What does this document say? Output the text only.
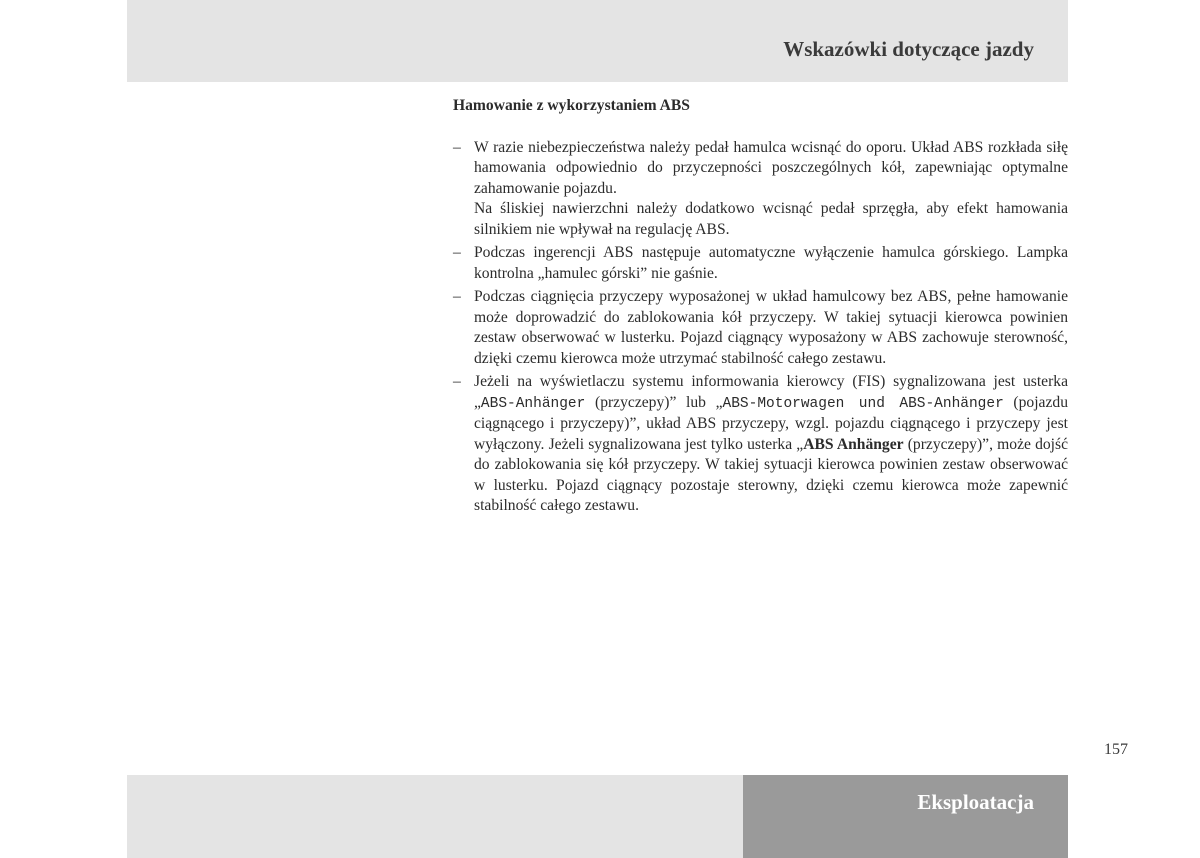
Wskazówki dotyczące jazdy
Hamowanie z wykorzystaniem ABS
– W razie niebezpieczeństwa należy pedał hamulca wcisnąć do oporu. Układ ABS rozkłada siłę hamowania odpowiednio do przyczepności poszczególnych kół, zapewniając optymalne zahamowanie pojazdu.
Na śliskiej nawierzchni należy dodatkowo wcisnąć pedał sprzęgła, aby efekt hamowania silnikiem nie wpływał na regulację ABS.
– Podczas ingerencji ABS następuje automatyczne wyłączenie hamulca górskiego. Lampka kontrolna „hamulec górski” nie gaśnie.
– Podczas ciągnięcia przyczepy wyposażonej w układ hamulcowy bez ABS, pełne hamowanie może doprowadzić do zablokowania kół przyczepy. W takiej sytuacji kierowca powinien zestaw obserwować w lusterku. Pojazd ciągnący wyposażony w ABS zachowuje sterowność, dzięki czemu kierowca może utrzymać stabilność całego zestawu.
– Jeżeli na wyświetlaczu systemu informowania kierowcy (FIS) sygnalizowana jest usterka „ABS-Anhänger (przyczepy)” lub „ABS-Motorwagen und ABS-Anhänger (pojazdu ciągnącego i przyczepy)”, układ ABS przyczepy, wzgl. pojazdu ciągnącego i przyczepy jest wyłączony. Jeżeli sygnalizowana jest tylko usterka „ABS Anhänger (przyczepy)”, może dojść do zablokowania się kół przyczepy. W takiej sytuacji kierowca powinien zestaw obserwować w lusterku. Pojazd ciągnący pozostaje sterowny, dzięki czemu kierowca może zapewnić stabilność całego zestawu.
157
Eksploatacja
